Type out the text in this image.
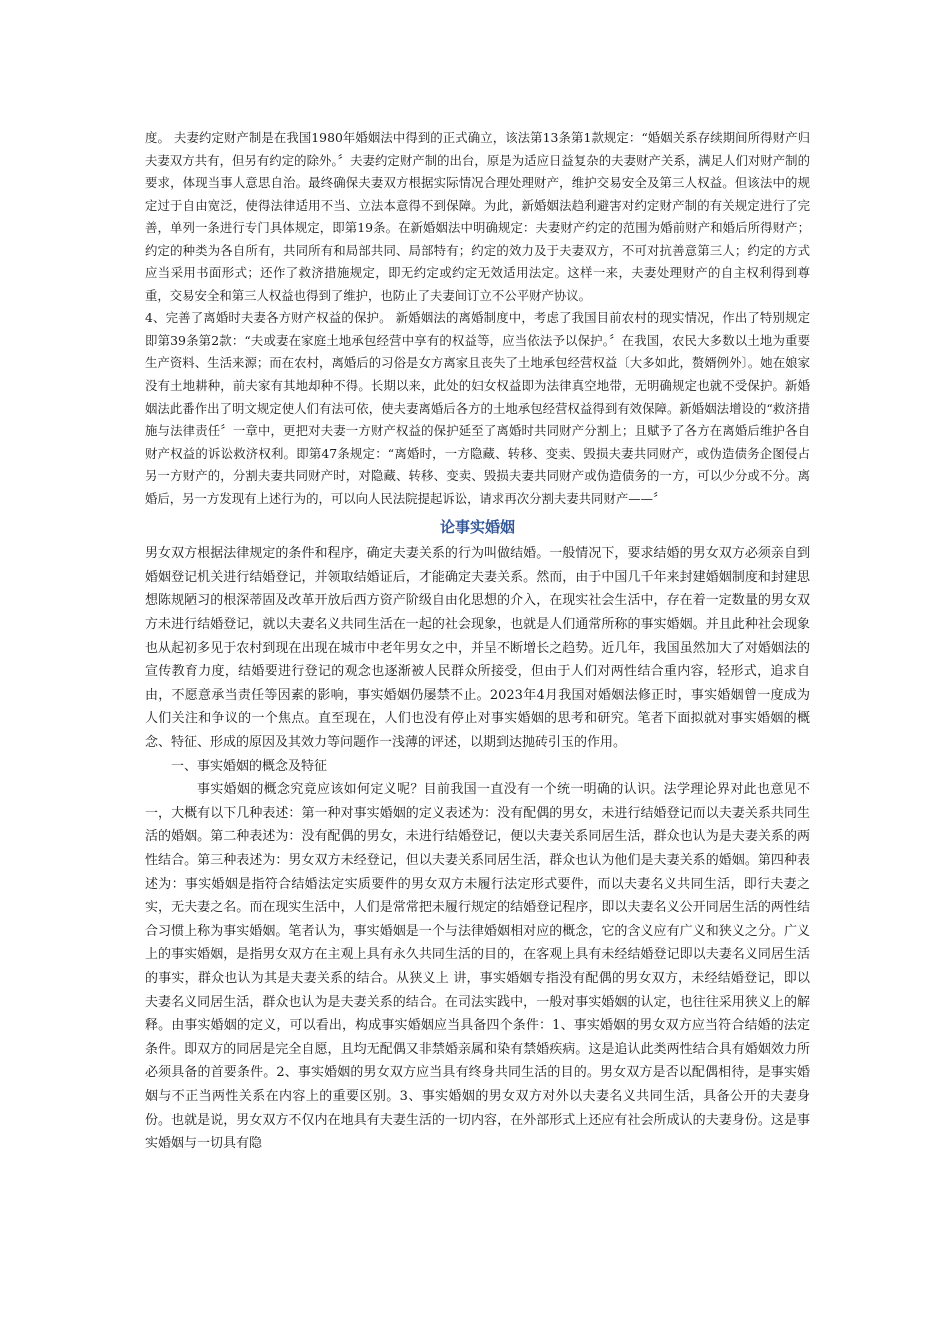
度。 夫妻约定财产制是在我国1980年婚姻法中得到的正式确立，该法第13条第1款规定：“婚姻关系存续期间所得财产归夫妻双方共有，但另有约定的除外。〞夫妻约定财产制的出台，原是为适应日益复杂的夫妻财产关系，满足人们对财产制的要求，体现当事人意思自治。最终确保夫妻双方根据实际情况合理处理财产，维护交易安全及第三人权益。但该法中的规定过于自由宽泛，使得法律适用不当、立法本意得不到保障。为此，新婚姻法趋利避害对约定财产制的有关规定进行了完善，单列一条进行专门具体规定，即第19条。在新婚姻法中明确规定：夫妻财产约定的范围为婚前财产和婚后所得财产；约定的种类为各自所有，共同所有和局部共同、局部特有；约定的效力及于夫妻双方，不可对抗善意第三人；约定的方式应当采用书面形式；还作了救济措施规定，即无约定或约定无效适用法定。这样一来，夫妻处理财产的自主权利得到尊重，交易安全和第三人权益也得到了维护，也防止了夫妻间订立不公平财产协议。

4、完善了离婚时夫妻各方财产权益的保护。 新婚姻法的离婚制度中，考虑了我国目前农村的现实情况，作出了特别规定即第39条第2款：“夫或妻在家庭土地承包经营中享有的权益等，应当依法予以保护。〞在我国，农民大多数以土地为重要生产资料、生活来源；而在农村，离婚后的习俗是女方离家且丧失了土地承包经营权益〔大多如此，赘婿例外〕。她在娘家没有土地耕种，前夫家有其地却种不得。长期以来，此处的妇女权益即为法律真空地带，无明确规定也就不受保护。新婚姻法此番作出了明文规定使人们有法可依，使夫妻离婚后各方的土地承包经营权益得到有效保障。新婚姻法增设的“救济措施与法律责任〞一章中，更把对夫妻一方财产权益的保护延至了离婚时共同财产分割上；且赋予了各方在离婚后维护各自财产权益的诉讼救济权利。即第47条规定：“离婚时，一方隐藏、转移、变卖、毁损夫妻共同财产，或伪造债务企图侵占另一方财产的，分割夫妻共同财产时，对隐藏、转移、变卖、毁损夫妻共同财产或伪造债务的一方，可以少分或不分。离婚后，另一方发现有上述行为的，可以向人民法院提起诉讼，请求再次分割夫妻共同财产——〞

论事实婚姻

男女双方根据法律规定的条件和程序，确定夫妻关系的行为叫做结婚。一般情况下，要求结婚的男女双方必须亲自到婚姻登记机关进行结婚登记，并领取结婚证后，才能确定夫妻关系。然而，由于中国几千年来封建婚姻制度和封建思想陈规陋习的根深蒂固及改革开放后西方资产阶级自由化思想的介入，在现实社会生活中，存在着一定数量的男女双方未进行结婚登记，就以夫妻名义共同生活在一起的社会现象，也就是人们通常所称的事实婚姻。并且此种社会现象也从起初多见于农村到现在出现在城市中老年男女之中，并呈不断增长之趋势。近几年，我国虽然加大了对婚姻法的宣传教育力度，结婚要进行登记的观念也逐渐被人民群众所接受，但由于人们对两性结合重内容，轻形式，追求自由，不愿意承当责任等因素的影响，事实婚姻仍屡禁不止。2023年4月我国对婚姻法修正时，事实婚姻曾一度成为人们关注和争议的一个焦点。直至现在，人们也没有停止对事实婚姻的思考和研究。笔者下面拟就对事实婚姻的概念、特征、形成的原因及其效力等问题作一浅薄的评述，以期到达抛砖引玉的作用。

一、事实婚姻的概念及特征

事实婚姻的概念究竟应该如何定义呢？目前我国一直没有一个统一明确的认识。法学理论界对此也意见不一，大概有以下几种表述：第一种对事实婚姻的定义表述为：没有配偶的男女，未进行结婚登记而以夫妻关系共同生活的婚姻。第二种表述为：没有配偶的男女，未进行结婚登记，便以夫妻关系同居生活，群众也认为是夫妻关系的两性结合。第三种表述为：男女双方未经登记，但以夫妻关系同居生活，群众也认为他们是夫妻关系的婚姻。第四种表述为：事实婚姻是指符合结婚法定实质要件的男女双方未履行法定形式要件，而以夫妻名义共同生活，即行夫妻之实，无夫妻之名。而在现实生活中，人们是常常把未履行规定的结婚登记程序，即以夫妻名义公开同居生活的两性结合习惯上称为事实婚姻。笔者认为，事实婚姻是一个与法律婚姻相对应的概念，它的含义应有广义和狭义之分。广义上的事实婚姻，是指男女双方在主观上具有永久共同生活的目的，在客观上具有未经结婚登记即以夫妻名义同居生活的事实，群众也认为其是夫妻关系的结合。从狭义上 讲，事实婚姻专指没有配偶的男女双方，未经结婚登记，即以夫妻名义同居生活，群众也认为是夫妻关系的结合。在司法实践中，一般对事实婚姻的认定，也往往采用狭义上的解释。由事实婚姻的定义，可以看出，构成事实婚姻应当具备四个条件：1、事实婚姻的男女双方应当符合结婚的法定条件。即双方的同居是完全自愿，且均无配偶又非禁婚亲属和染有禁婚疾病。这是追认此类两性结合具有婚姻效力所必须具备的首要条件。2、事实婚姻的男女双方应当具有终身共同生活的目的。男女双方是否以配偶相待，是事实婚姻与不正当两性关系在内容上的重要区别。3、事实婚姻的男女双方对外以夫妻名义共同生活，具备公开的夫妻身份。也就是说，男女双方不仅内在地具有夫妻生活的一切内容，在外部形式上还应有社会所成认的夫妻身份。这是事实婚姻与一切具有隐
